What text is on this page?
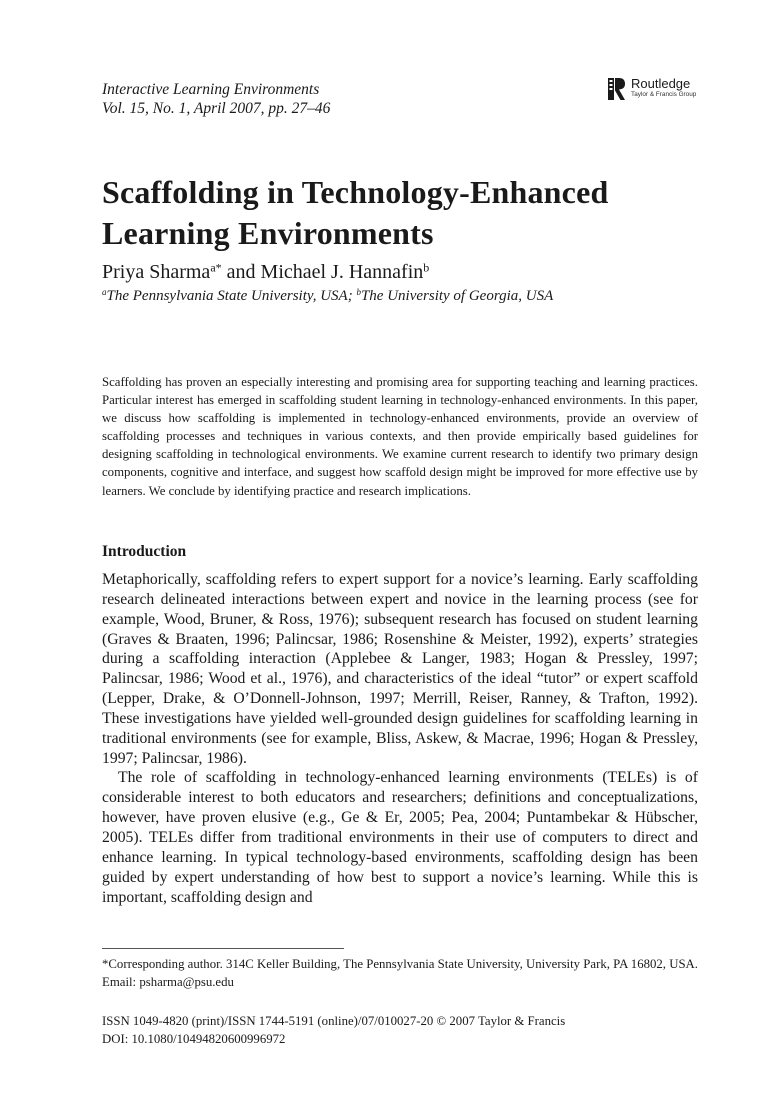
Interactive Learning Environments
Vol. 15, No. 1, April 2007, pp. 27–46
Routledge
Taylor & Francis Group
Scaffolding in Technology-Enhanced Learning Environments
Priya Sharma$^{a*}$ and Michael J. Hannafin$^b$
$^a$The Pennsylvania State University, USA; $^b$The University of Georgia, USA

Scaffolding has proven an especially interesting and promising area for supporting teaching and learning practices. Particular interest has emerged in scaffolding student learning in technology-enhanced environments. In this paper, we discuss how scaffolding is implemented in technology-enhanced environments, provide an overview of scaffolding processes and techniques in various contexts, and then provide empirically based guidelines for designing scaffolding in technological environments. We examine current research to identify two primary design components, cognitive and interface, and suggest how scaffold design might be improved for more effective use by learners. We conclude by identifying practice and research implications.

Introduction

Metaphorically, scaffolding refers to expert support for a novice’s learning. Early scaffolding research delineated interactions between expert and novice in the learning process (see for example, Wood, Bruner, & Ross, 1976); subsequent research has focused on student learning (Graves & Braaten, 1996; Palincsar, 1986; Rosenshine & Meister, 1992), experts’ strategies during a scaffolding interaction (Applebee & Langer, 1983; Hogan & Pressley, 1997; Palincsar, 1986; Wood et al., 1976), and characteristics of the ideal “tutor” or expert scaffold (Lepper, Drake, & O’Donnell-Johnson, 1997; Merrill, Reiser, Ranney, & Trafton, 1992). These investigations have yielded well-grounded design guidelines for scaffolding learning in traditional environments (see for example, Bliss, Askew, & Macrae, 1996; Hogan & Pressley, 1997; Palincsar, 1986).

The role of scaffolding in technology-enhanced learning environments (TELEs) is of considerable interest to both educators and researchers; definitions and conceptualizations, however, have proven elusive (e.g., Ge & Er, 2005; Pea, 2004; Puntambekar & Hübscher, 2005). TELEs differ from traditional environments in their use of computers to direct and enhance learning. In typical technology-based environments, scaffolding design has been guided by expert understanding of how best to support a novice’s learning. While this is important, scaffolding design and

*Corresponding author. 314C Keller Building, The Pennsylvania State University, University Park, PA 16802, USA. Email: psharma@psu.edu

ISSN 1049-4820 (print)/ISSN 1744-5191 (online)/07/010027-20 © 2007 Taylor & Francis
DOI: 10.1080/10494820600996972
